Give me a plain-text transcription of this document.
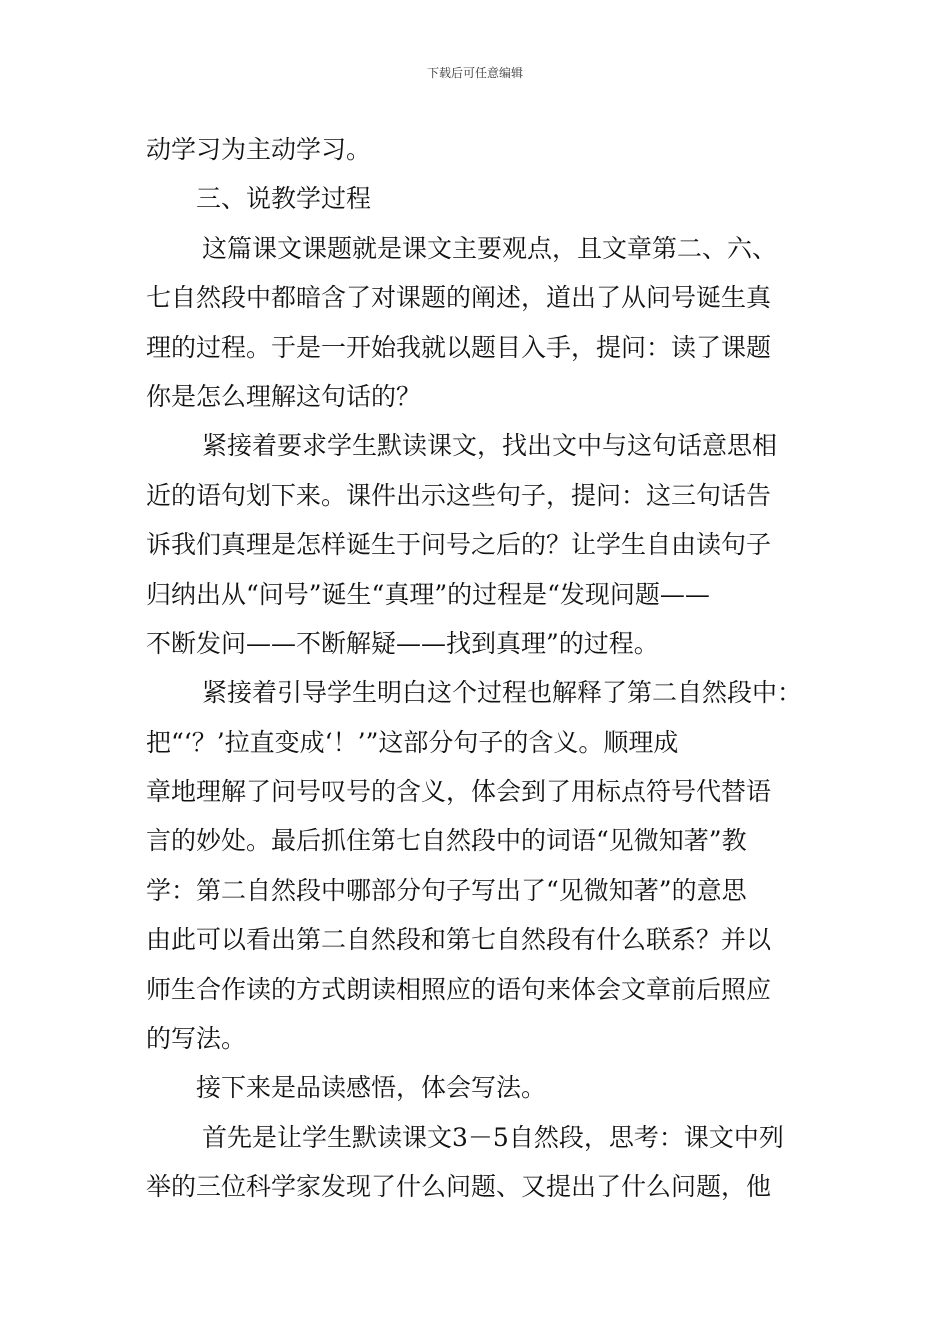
下载后可任意编辑
动学习为主动学习。
三、说教学过程
这篇课文课题就是课文主要观点，且文章第二、六、
七自然段中都暗含了对课题的阐述，道出了从问号诞生真
理的过程。于是一开始我就以题目入手，提问：读了课题
你是怎么理解这句话的？
紧接着要求学生默读课文，找出文中与这句话意思相
近的语句划下来。课件出示这些句子，提问：这三句话告
诉我们真理是怎样诞生于问号之后的？让学生自由读句子
归纳出从“问号”诞生“真理”的过程是“发现问题——
不断发问——不断解疑——找到真理”的过程。
紧接着引导学生明白这个过程也解释了第二自然段中：
把“‘？’拉直变成‘！’”这部分句子的含义。顺理成
章地理解了问号叹号的含义，体会到了用标点符号代替语
言的妙处。最后抓住第七自然段中的词语“见微知著”教
学：第二自然段中哪部分句子写出了“见微知著”的意思
由此可以看出第二自然段和第七自然段有什么联系？并以
师生合作读的方式朗读相照应的语句来体会文章前后照应
的写法。
接下来是品读感悟，体会写法。
首先是让学生默读课文3－5自然段，思考：课文中列
举的三位科学家发现了什么问题、又提出了什么问题，他
